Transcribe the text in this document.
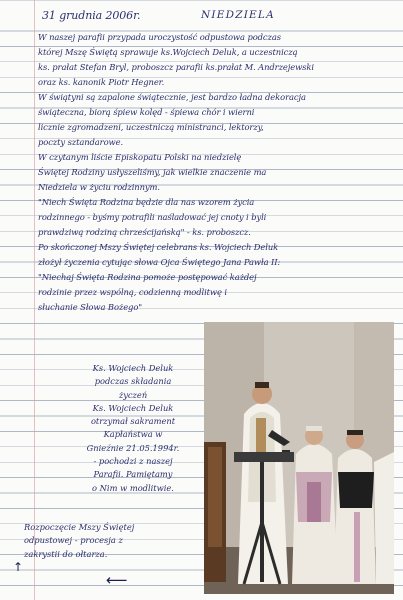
31 grudnia 2006r.	NIEDZIELA
W naszej parafii przypada uroczystość odpustowa podczas
której Mszę Świętą sprawuje ks.Wojciech Deluk, a uczestniczą
ks. prałat Stefan Bryl, proboszcz parafii ks.prałat M. Andrzejewski
oraz ks. kanonik Piotr Hegner.
W świątyni są zapalone świątecznie, jest bardzo ładna dekoracja
świąteczna, biorą śpiew kolęd - śpiewa chór i wierni
licznie zgromadzeni, uczestniczą ministranci, lektorzy,
poczty sztandarowe.
W czytanym liście Episkopatu Polski na niedzielę
Świętej Rodziny usłyszeliśmy, jak wielkie znaczenie ma
Niedziela w życiu rodzinnym.
"Niech Święta Rodzina będzie dla nas wzorem życia
rodzinnego - byśmy potrafili naśladować jej cnoty i byli
prawdziwą rodziną chrześcijańską" - ks. proboszcz.
Po skończonej Mszy Świętej celebrans ks. Wojciech Deluk
złożył życzenia cytując słowa Ojca Świętego Jana Pawła II:
"Niechaj Święta Rodzina pomoże postępować każdej
rodzinie przez wspólną, codzienną modlitwę i
słuchanie Słowa Bożego"
Ks. Wojciech Deluk
podczas składania
życzeń
Ks. Wojciech Deluk
otrzymał sakrament
Kapłaństwa w
Gnieźnie 21.05.1994r.
- pochodzi z naszej
Parafii. Pamiętamy
o Nim w modlitwie.
Rozpoczęcie Mszy Świętej
odpustowej - procesja z
zakrystii do ołtarza.
↑
⟵
